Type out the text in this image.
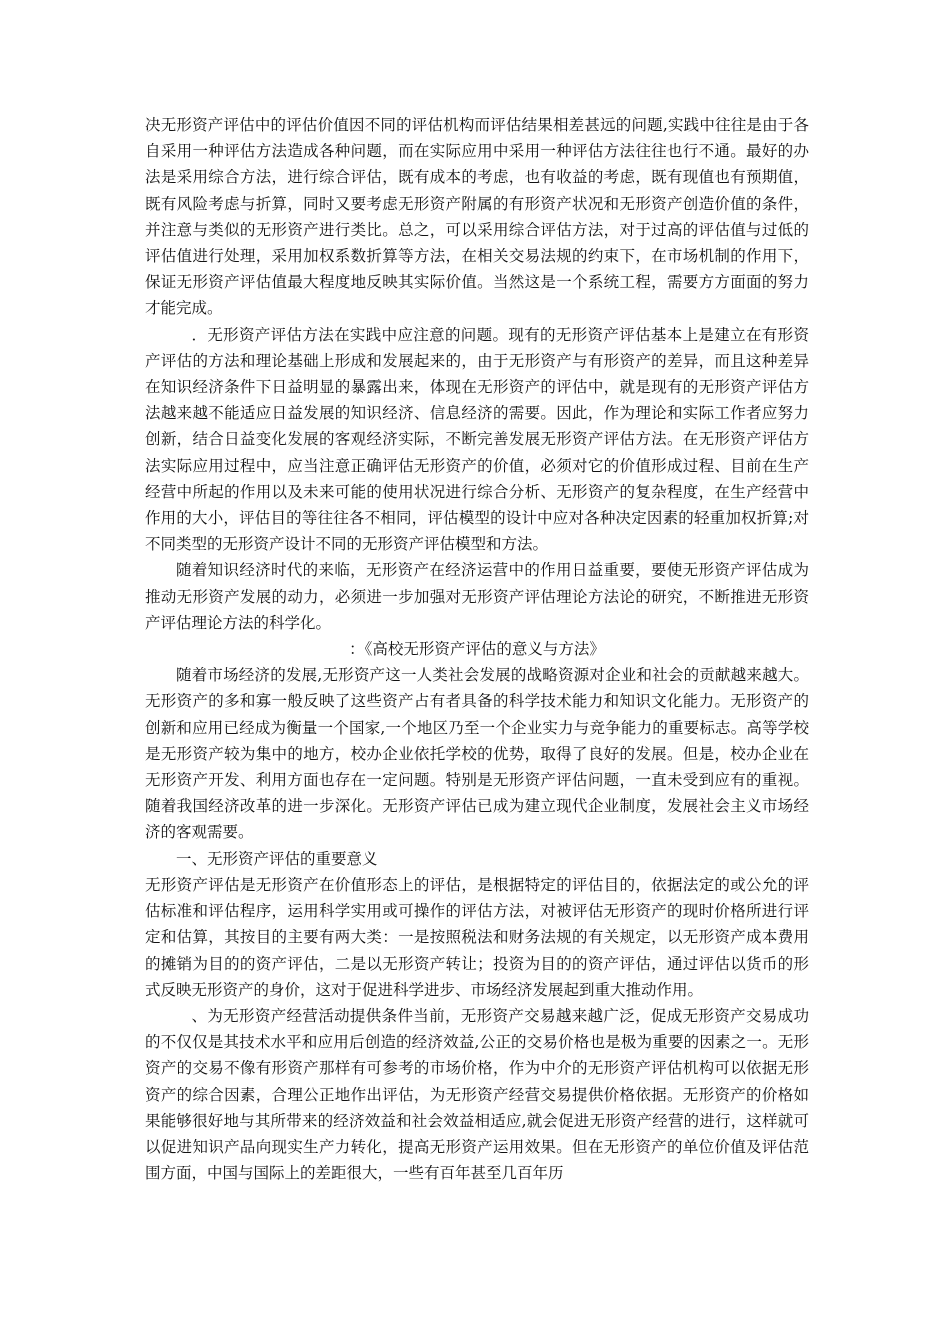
决无形资产评估中的评估价值因不同的评估机构而评估结果相差甚远的问题,实践中往往是由于各自采用一种评估方法造成各种问题，而在实际应用中采用一种评估方法往往也行不通。最好的办法是采用综合方法，进行综合评估，既有成本的考虑，也有收益的考虑，既有现值也有预期值，既有风险考虑与折算，同时又要考虑无形资产附属的有形资产状况和无形资产创造价值的条件，并注意与类似的无形资产进行类比。总之，可以采用综合评估方法，对于过高的评估值与过低的评估值进行处理，采用加权系数折算等方法，在相关交易法规的约束下，在市场机制的作用下，保证无形资产评估值最大程度地反映其实际价值。当然这是一个系统工程，需要方方面面的努力才能完成。

．无形资产评估方法在实践中应注意的问题。现有的无形资产评估基本上是建立在有形资产评估的方法和理论基础上形成和发展起来的，由于无形资产与有形资产的差异，而且这种差异在知识经济条件下日益明显的暴露出来，体现在无形资产的评估中，就是现有的无形资产评估方法越来越不能适应日益发展的知识经济、信息经济的需要。因此，作为理论和实际工作者应努力创新，结合日益变化发展的客观经济实际，不断完善发展无形资产评估方法。在无形资产评估方法实际应用过程中，应当注意正确评估无形资产的价值，必须对它的价值形成过程、目前在生产经营中所起的作用以及未来可能的使用状况进行综合分析、无形资产的复杂程度，在生产经营中作用的大小，评估目的等往往各不相同，评估模型的设计中应对各种决定因素的轻重加权折算;对不同类型的无形资产设计不同的无形资产评估模型和方法。

随着知识经济时代的来临，无形资产在经济运营中的作用日益重要，要使无形资产评估成为推动无形资产发展的动力，必须进一步加强对无形资产评估理论方法论的研究，不断推进无形资产评估理论方法的科学化。

：《高校无形资产评估的意义与方法》

随着市场经济的发展,无形资产这一人类社会发展的战略资源对企业和社会的贡献越来越大。无形资产的多和寡一般反映了这些资产占有者具备的科学技术能力和知识文化能力。无形资产的创新和应用已经成为衡量一个国家,一个地区乃至一个企业实力与竞争能力的重要标志。高等学校是无形资产较为集中的地方，校办企业依托学校的优势，取得了良好的发展。但是，校办企业在无形资产开发、利用方面也存在一定问题。特别是无形资产评估问题，一直未受到应有的重视。随着我国经济改革的进一步深化。无形资产评估已成为建立现代企业制度，发展社会主义市场经济的客观需要。

一、无形资产评估的重要意义

无形资产评估是无形资产在价值形态上的评估，是根据特定的评估目的，依据法定的或公允的评估标准和评估程序，运用科学实用或可操作的评估方法，对被评估无形资产的现时价格所进行评定和估算，其按目的主要有两大类：一是按照税法和财务法规的有关规定，以无形资产成本费用的摊销为目的的资产评估，二是以无形资产转让；投资为目的的资产评估，通过评估以货币的形式反映无形资产的身价，这对于促进科学进步、市场经济发展起到重大推动作用。

、为无形资产经营活动提供条件当前，无形资产交易越来越广泛，促成无形资产交易成功的不仅仅是其技术水平和应用后创造的经济效益,公正的交易价格也是极为重要的因素之一。无形资产的交易不像有形资产那样有可参考的市场价格，作为中介的无形资产评估机构可以依据无形资产的综合因素，合理公正地作出评估，为无形资产经营交易提供价格依据。无形资产的价格如果能够很好地与其所带来的经济效益和社会效益相适应,就会促进无形资产经营的进行，这样就可以促进知识产品向现实生产力转化，提高无形资产运用效果。但在无形资产的单位价值及评估范围方面，中国与国际上的差距很大，一些有百年甚至几百年历
